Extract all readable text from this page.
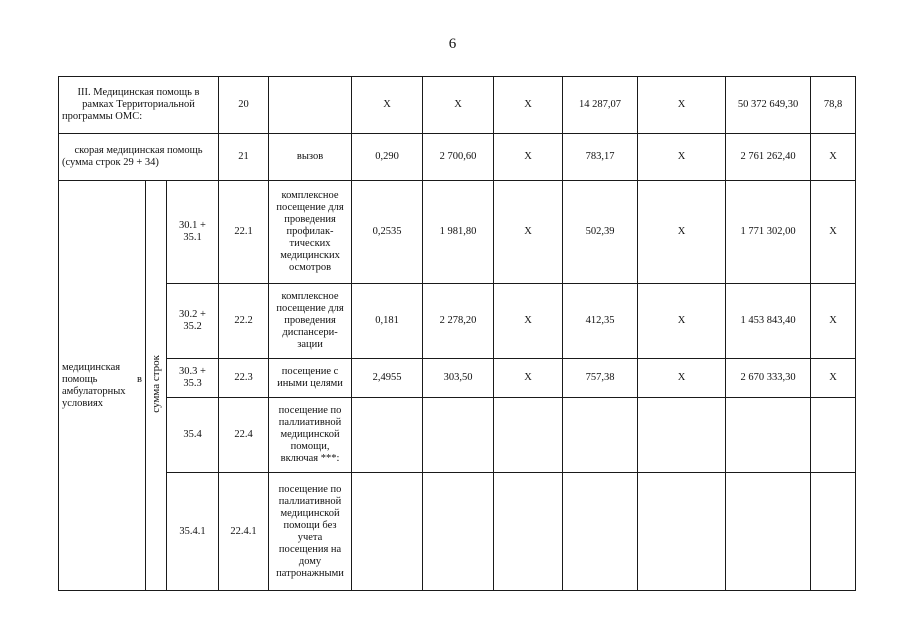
6
III. Медицинская помощь в рамках Территориальной программы ОМС:			20		X	X	X	14 287,07	X	50 372 649,30	78,8
скорая медицинская помощь (сумма строк 29 + 34)			21	вызов	0,290	2 700,60	X	783,17	X	2 761 262,40	X

медицинская помощь в амбулаторных условиях	сумма строк	30.1 + 35.1	22.1	комплексное посещение для проведения профилак-тических медицинских осмотров	0,2535	1 981,80	X	502,39	X	1 771 302,00	X
		30.2 + 35.2	22.2	комплексное посещение для проведения диспансери-зации	0,181	2 278,20	X	412,35	X	1 453 843,40	X
		30.3 + 35.3	22.3	посещение с иными целями	2,4955	303,50	X	757,38	X	2 670 333,30	X
		35.4	22.4	посещение по паллиативной медицинской помощи, включая ***:							
		35.4.1	22.4.1	посещение по паллиативной медицинской помощи без учета посещения на дому патронажными							
